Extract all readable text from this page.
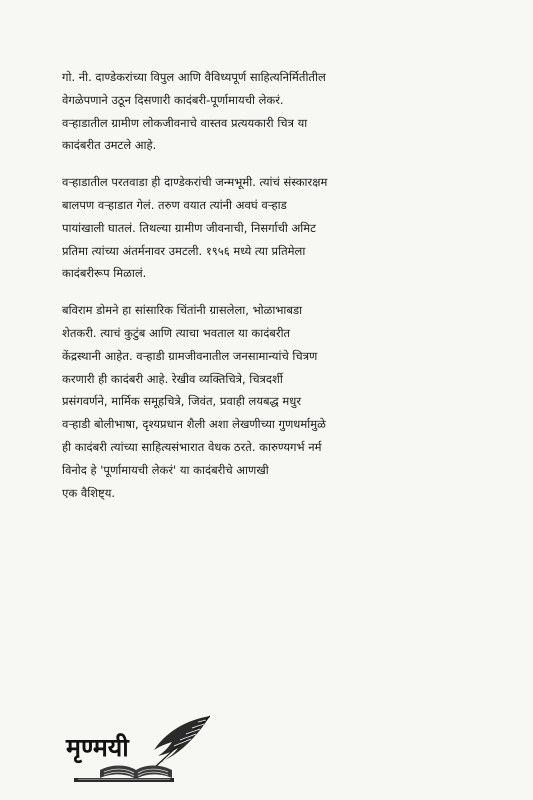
गो. नी. दाण्डेकरांच्या विपुल आणि वैविध्यपूर्ण साहित्यनिर्मितीतील
वेगळेपणाने उठून दिसणारी कादंबरी-पूर्णामायची लेकरं.
वऱ्हाडातील ग्रामीण लोकजीवनाचे वास्तव प्रत्ययकारी चित्र या
कादंबरीत उमटले आहे.

वऱ्हाडातील परतवाडा ही दाण्डेकरांची जन्मभूमी. त्यांचं संस्कारक्षम
बालपण वऱ्हाडात गेलं. तरुण वयात त्यांनी अवघं वऱ्हाड
पायांखाली घातलं. तिथल्या ग्रामीण जीवनाची, निसर्गाची अमिट
प्रतिमा त्यांच्या अंतर्मनावर उमटली. १९५६ मध्ये त्या प्रतिमेला
कादंबरीरूप मिळालं.

बविराम डोमने हा सांसारिक चिंतांनी ग्रासलेला, भोळाभाबडा
शेतकरी. त्याचं कुटुंब आणि त्याचा भवताल या कादंबरीत
केंद्रस्थानी आहेत. वऱ्हाडी ग्रामजीवनातील जनसामान्यांचे चित्रण
करणारी ही कादंबरी आहे. रेखीव व्यक्तिचित्रे, चित्रदर्शी
प्रसंगवर्णने, मार्मिक समूहचित्रे, जिवंत, प्रवाही लयबद्ध मधुर
वऱ्हाडी बोलीभाषा, दृश्यप्रधान शैली अशा लेखणीच्या गुणधर्मामुळे
ही कादंबरी त्यांच्या साहित्यसंभारात वेधक ठरते. कारुण्यगर्भ नर्म
विनोद हे 'पूर्णामायची लेकरं' या कादंबरीचे आणखी
एक वैशिष्ट्य.

मृण्मयी
